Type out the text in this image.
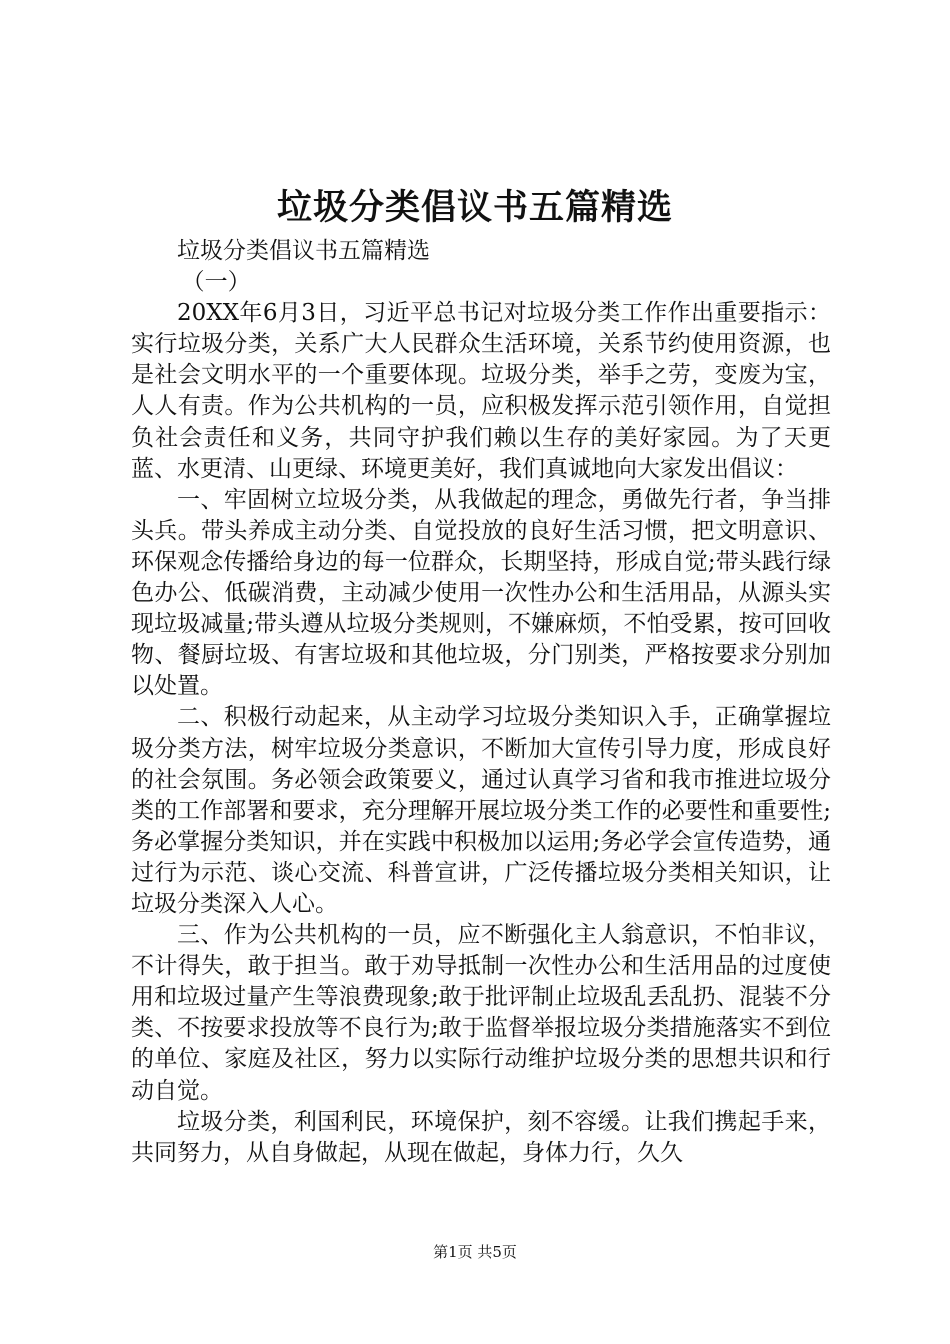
垃圾分类倡议书五篇精选

垃圾分类倡议书五篇精选

（一）

20XX年6月3日，习近平总书记对垃圾分类工作作出重要指示：实行垃圾分类，关系广大人民群众生活环境，关系节约使用资源，也是社会文明水平的一个重要体现。垃圾分类，举手之劳，变废为宝，人人有责。作为公共机构的一员，应积极发挥示范引领作用，自觉担负社会责任和义务，共同守护我们赖以生存的美好家园。为了天更蓝、水更清、山更绿、环境更美好，我们真诚地向大家发出倡议：

一、牢固树立垃圾分类，从我做起的理念，勇做先行者，争当排头兵。带头养成主动分类、自觉投放的良好生活习惯，把文明意识、环保观念传播给身边的每一位群众，长期坚持，形成自觉;带头践行绿色办公、低碳消费，主动减少使用一次性办公和生活用品，从源头实现垃圾减量;带头遵从垃圾分类规则，不嫌麻烦，不怕受累，按可回收物、餐厨垃圾、有害垃圾和其他垃圾，分门别类，严格按要求分别加以处置。

二、积极行动起来，从主动学习垃圾分类知识入手，正确掌握垃圾分类方法，树牢垃圾分类意识，不断加大宣传引导力度，形成良好的社会氛围。务必领会政策要义，通过认真学习省和我市推进垃圾分类的工作部署和要求，充分理解开展垃圾分类工作的必要性和重要性;务必掌握分类知识，并在实践中积极加以运用;务必学会宣传造势，通过行为示范、谈心交流、科普宣讲，广泛传播垃圾分类相关知识，让垃圾分类深入人心。

三、作为公共机构的一员，应不断强化主人翁意识，不怕非议，不计得失，敢于担当。敢于劝导抵制一次性办公和生活用品的过度使用和垃圾过量产生等浪费现象;敢于批评制止垃圾乱丢乱扔、混装不分类、不按要求投放等不良行为;敢于监督举报垃圾分类措施落实不到位的单位、家庭及社区，努力以实际行动维护垃圾分类的思想共识和行动自觉。

垃圾分类，利国利民，环境保护，刻不容缓。让我们携起手来，共同努力，从自身做起，从现在做起，身体力行，久久

第1页 共5页
